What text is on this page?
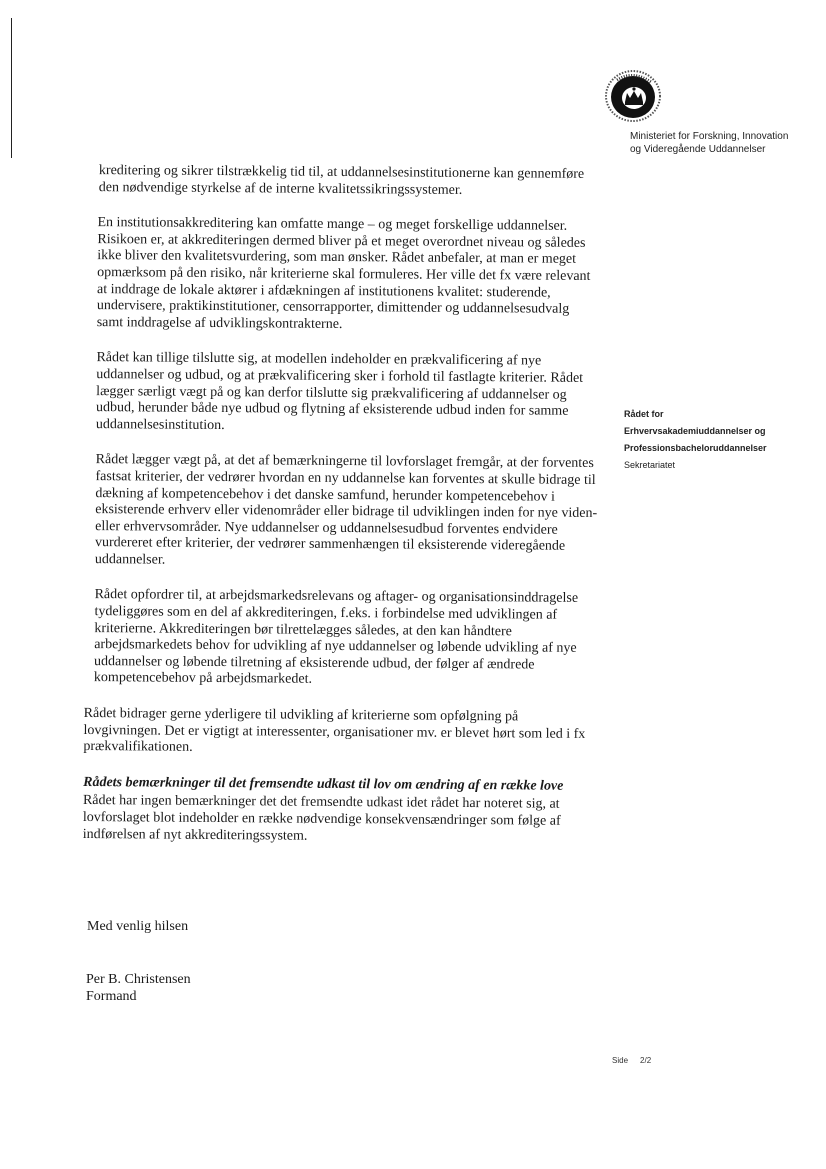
Ministeriet for Forskning, Innovation
og Videregående Uddannelser
Rådet for
Erhvervsakademiuddannelser og
Professionsbacheloruddannelser
Sekretariatet

kreditering og sikrer tilstrækkelig tid til, at uddannelsesinstitutionerne kan gennemføre den nødvendige styrkelse af de interne kvalitetssikringssystemer.

En institutionsakkreditering kan omfatte mange – og meget forskellige uddannelser. Risikoen er, at akkrediteringen dermed bliver på et meget overordnet niveau og således ikke bliver den kvalitetsvurdering, som man ønsker. Rådet anbefaler, at man er meget opmærksom på den risiko, når kriterierne skal formuleres. Her ville det fx være relevant at inddrage de lokale aktører i afdækningen af institutionens kvalitet: studerende, undervisere, praktikinstitutioner, censorrapporter, dimittender og uddannelsesudvalg samt inddragelse af udviklingskontrakterne.

Rådet kan tillige tilslutte sig, at modellen indeholder en prækvalificering af nye uddannelser og udbud, og at prækvalificering sker i forhold til fastlagte kriterier. Rådet lægger særligt vægt på og kan derfor tilslutte sig prækvalificering af uddannelser og udbud, herunder både nye udbud og flytning af eksisterende udbud inden for samme uddannelsesinstitution.

Rådet lægger vægt på, at det af bemærkningerne til lovforslaget fremgår, at der forventes fastsat kriterier, der vedrører hvordan en ny uddannelse kan forventes at skulle bidrage til dækning af kompetencebehov i det danske samfund, herunder kompetencebehov i eksisterende erhverv eller videnområder eller bidrage til udviklingen inden for nye viden- eller erhvervsområder. Nye uddannelser og uddannelsesudbud forventes endvidere vurdereret efter kriterier, der vedrører sammenhængen til eksisterende videregående uddannelser.

Rådet opfordrer til, at arbejdsmarkedsrelevans og aftager- og organisationsinddragelse tydeliggøres som en del af akkrediteringen, f.eks. i forbindelse med udviklingen af kriterierne. Akkrediteringen bør tilrettelægges således, at den kan håndtere arbejdsmarkedets behov for udvikling af nye uddannelser og løbende udvikling af nye uddannelser og løbende tilretning af eksisterende udbud, der følger af ændrede kompetencebehov på arbejdsmarkedet.

Rådet bidrager gerne yderligere til udvikling af kriterierne som opfølgning på lovgivningen. Det er vigtigt at interessenter, organisationer mv. er blevet hørt som led i fx prækvalifikationen.

Rådets bemærkninger til det fremsendte udkast til lov om ændring af en række love

Rådet har ingen bemærkninger det det fremsendte udkast idet rådet har noteret sig, at lovforslaget blot indeholder en række nødvendige konsekvensændringer som følge af indførelsen af nyt akkrediteringssystem.

Med venlig hilsen
Per B. Christensen
Formand
Side 2/2
